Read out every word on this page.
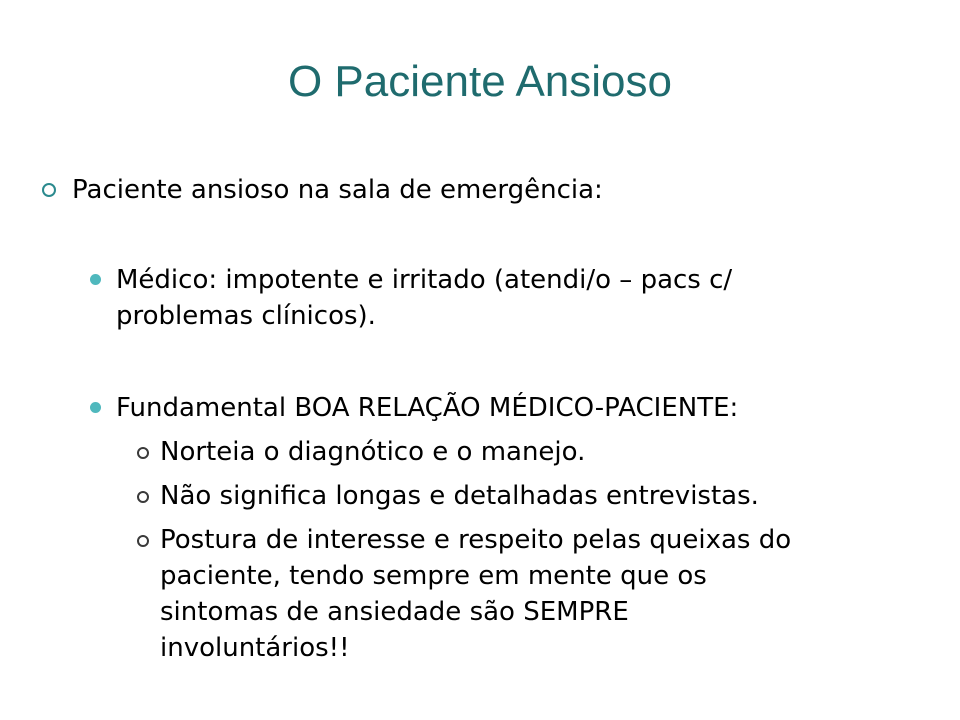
O Paciente Ansioso
Paciente ansioso na sala de emergência:
Médico: impotente e irritado (atendi/o – pacs c/
problemas clínicos).
Fundamental BOA RELAÇÃO MÉDICO-PACIENTE:
Norteia o diagnótico e o manejo.
Não significa longas e detalhadas entrevistas.
Postura de interesse e respeito pelas queixas do
paciente, tendo sempre em mente que os
sintomas de ansiedade são SEMPRE
involuntários!!
